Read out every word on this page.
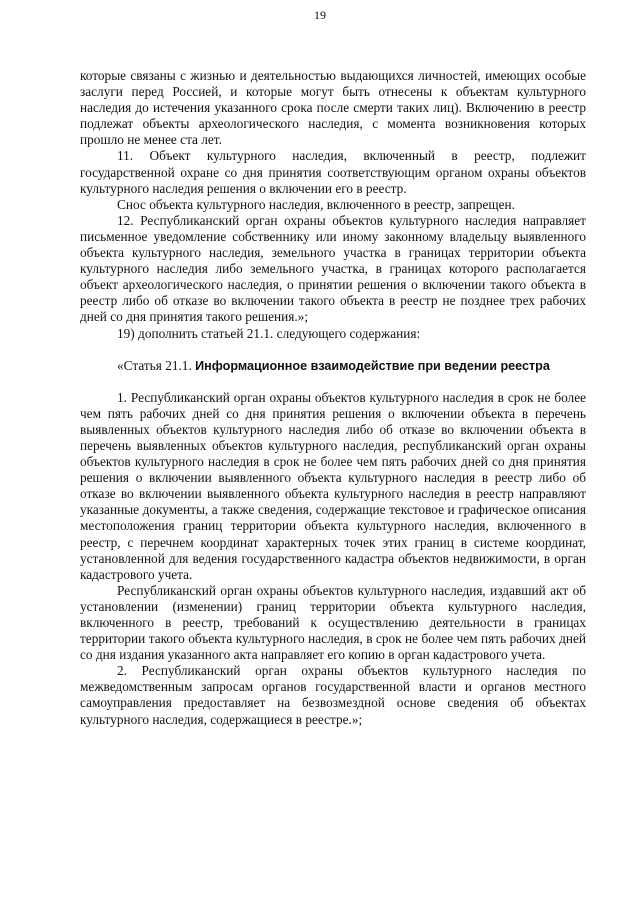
19

которые связаны с жизнью и деятельностью выдающихся личностей, имеющих особые заслуги перед Россией, и которые могут быть отнесены к объектам культурного наследия до истечения указанного срока после смерти таких лиц). Включению в реестр подлежат объекты археологического наследия, с момента возникновения которых прошло не менее ста лет.

11. Объект культурного наследия, включенный в реестр, подлежит государственной охране со дня принятия соответствующим органом охраны объектов культурного наследия решения о включении его в реестр.

Снос объекта культурного наследия, включенного в реестр, запрещен.

12. Республиканский орган охраны объектов культурного наследия направляет письменное уведомление собственнику или иному законному владельцу выявленного объекта культурного наследия, земельного участка в границах территории объекта культурного наследия либо земельного участка, в границах которого располагается объект археологического наследия, о принятии решения о включении такого объекта в реестр либо об отказе во включении такого объекта в реестр не позднее трех рабочих дней со дня принятия такого решения.»;

19) дополнить статьей 21.1. следующего содержания:

«Статья 21.1. Информационное взаимодействие при ведении реестра

1. Республиканский орган охраны объектов культурного наследия в срок не более чем пять рабочих дней со дня принятия решения о включении объекта в перечень выявленных объектов культурного наследия либо об отказе во включении объекта в перечень выявленных объектов культурного наследия, республиканский орган охраны объектов культурного наследия в срок не более чем пять рабочих дней со дня принятия решения о включении выявленного объекта культурного наследия в реестр либо об отказе во включении выявленного объекта культурного наследия в реестр направляют указанные документы, а также сведения, содержащие текстовое и графическое описания местоположения границ территории объекта культурного наследия, включенного в реестр, с перечнем координат характерных точек этих границ в системе координат, установленной для ведения государственного кадастра объектов недвижимости, в орган кадастрового учета.

Республиканский орган охраны объектов культурного наследия, издавший акт об установлении (изменении) границ территории объекта культурного наследия, включенного в реестр, требований к осуществлению деятельности в границах территории такого объекта культурного наследия, в срок не более чем пять рабочих дней со дня издания указанного акта направляет его копию в орган кадастрового учета.

2. Республиканский орган охраны объектов культурного наследия по межведомственным запросам органов государственной власти и органов местного самоуправления предоставляет на безвозмездной основе сведения об объектах культурного наследия, содержащиеся в реестре.»;
